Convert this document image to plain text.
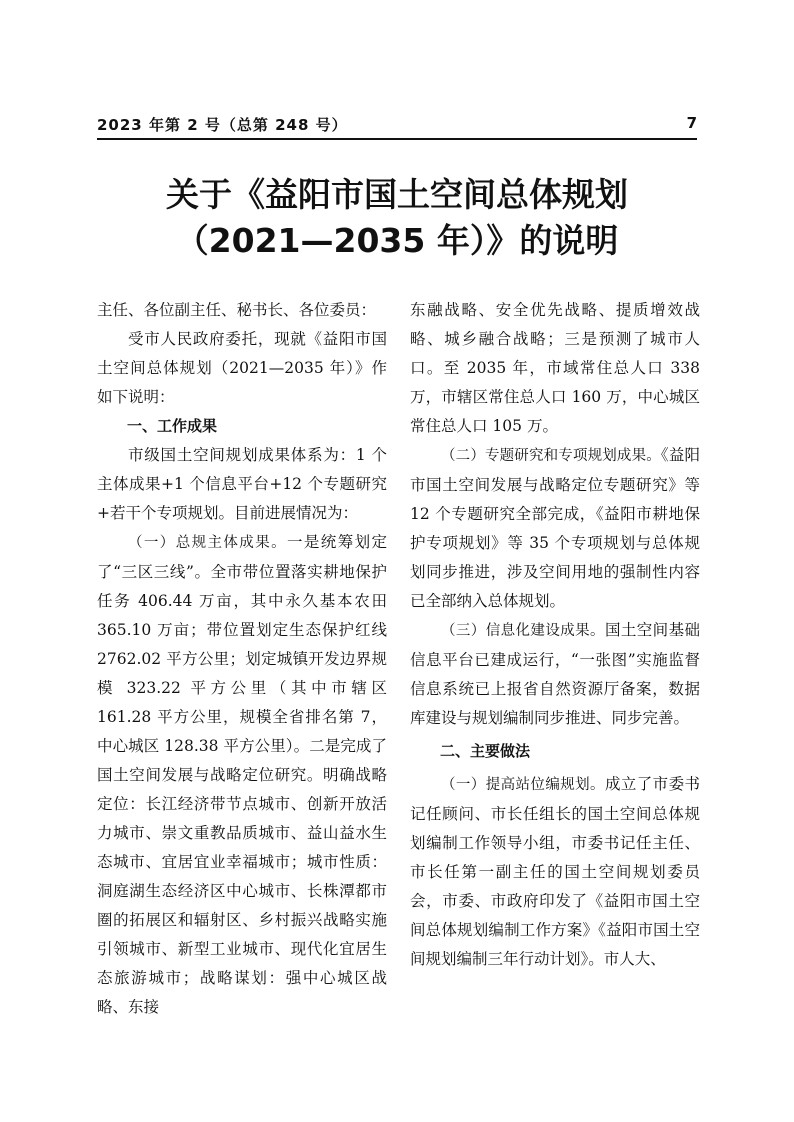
2023 年第 2 号（总第 248 号）	7
关于《益阳市国土空间总体规划
（2021—2035 年）》的说明

主任、各位副主任、秘书长、各位委员：

受市人民政府委托，现就《益阳市国土空间总体规划（2021—2035 年）》作如下说明：

一、工作成果

市级国土空间规划成果体系为：1 个主体成果+1 个信息平台+12 个专题研究+若干个专项规划。目前进展情况为：

（一）总规主体成果。一是统筹划定了“三区三线”。全市带位置落实耕地保护任务 406.44 万亩，其中永久基本农田 365.10 万亩；带位置划定生态保护红线 2762.02 平方公里；划定城镇开发边界规模 323.22 平方公里（其中市辖区 161.28 平方公里，规模全省排名第 7，中心城区 128.38 平方公里）。二是完成了国土空间发展与战略定位研究。明确战略定位：长江经济带节点城市、创新开放活力城市、崇文重教品质城市、益山益水生态城市、宜居宜业幸福城市；城市性质：洞庭湖生态经济区中心城市、长株潭都市圈的拓展区和辐射区、乡村振兴战略实施引领城市、新型工业城市、现代化宜居生态旅游城市；战略谋划：强中心城区战略、东接

东融战略、安全优先战略、提质增效战略、城乡融合战略；三是预测了城市人口。至 2035 年，市域常住总人口 338 万，市辖区常住总人口 160 万，中心城区常住总人口 105 万。

（二）专题研究和专项规划成果。《益阳市国土空间发展与战略定位专题研究》等 12 个专题研究全部完成，《益阳市耕地保护专项规划》等 35 个专项规划与总体规划同步推进，涉及空间用地的强制性内容已全部纳入总体规划。

（三）信息化建设成果。国土空间基础信息平台已建成运行，“一张图”实施监督信息系统已上报省自然资源厅备案，数据库建设与规划编制同步推进、同步完善。

二、主要做法

（一）提高站位编规划。成立了市委书记任顾问、市长任组长的国土空间总体规划编制工作领导小组，市委书记任主任、市长任第一副主任的国土空间规划委员会，市委、市政府印发了《益阳市国土空间总体规划编制工作方案》《益阳市国土空间规划编制三年行动计划》。市人大、
